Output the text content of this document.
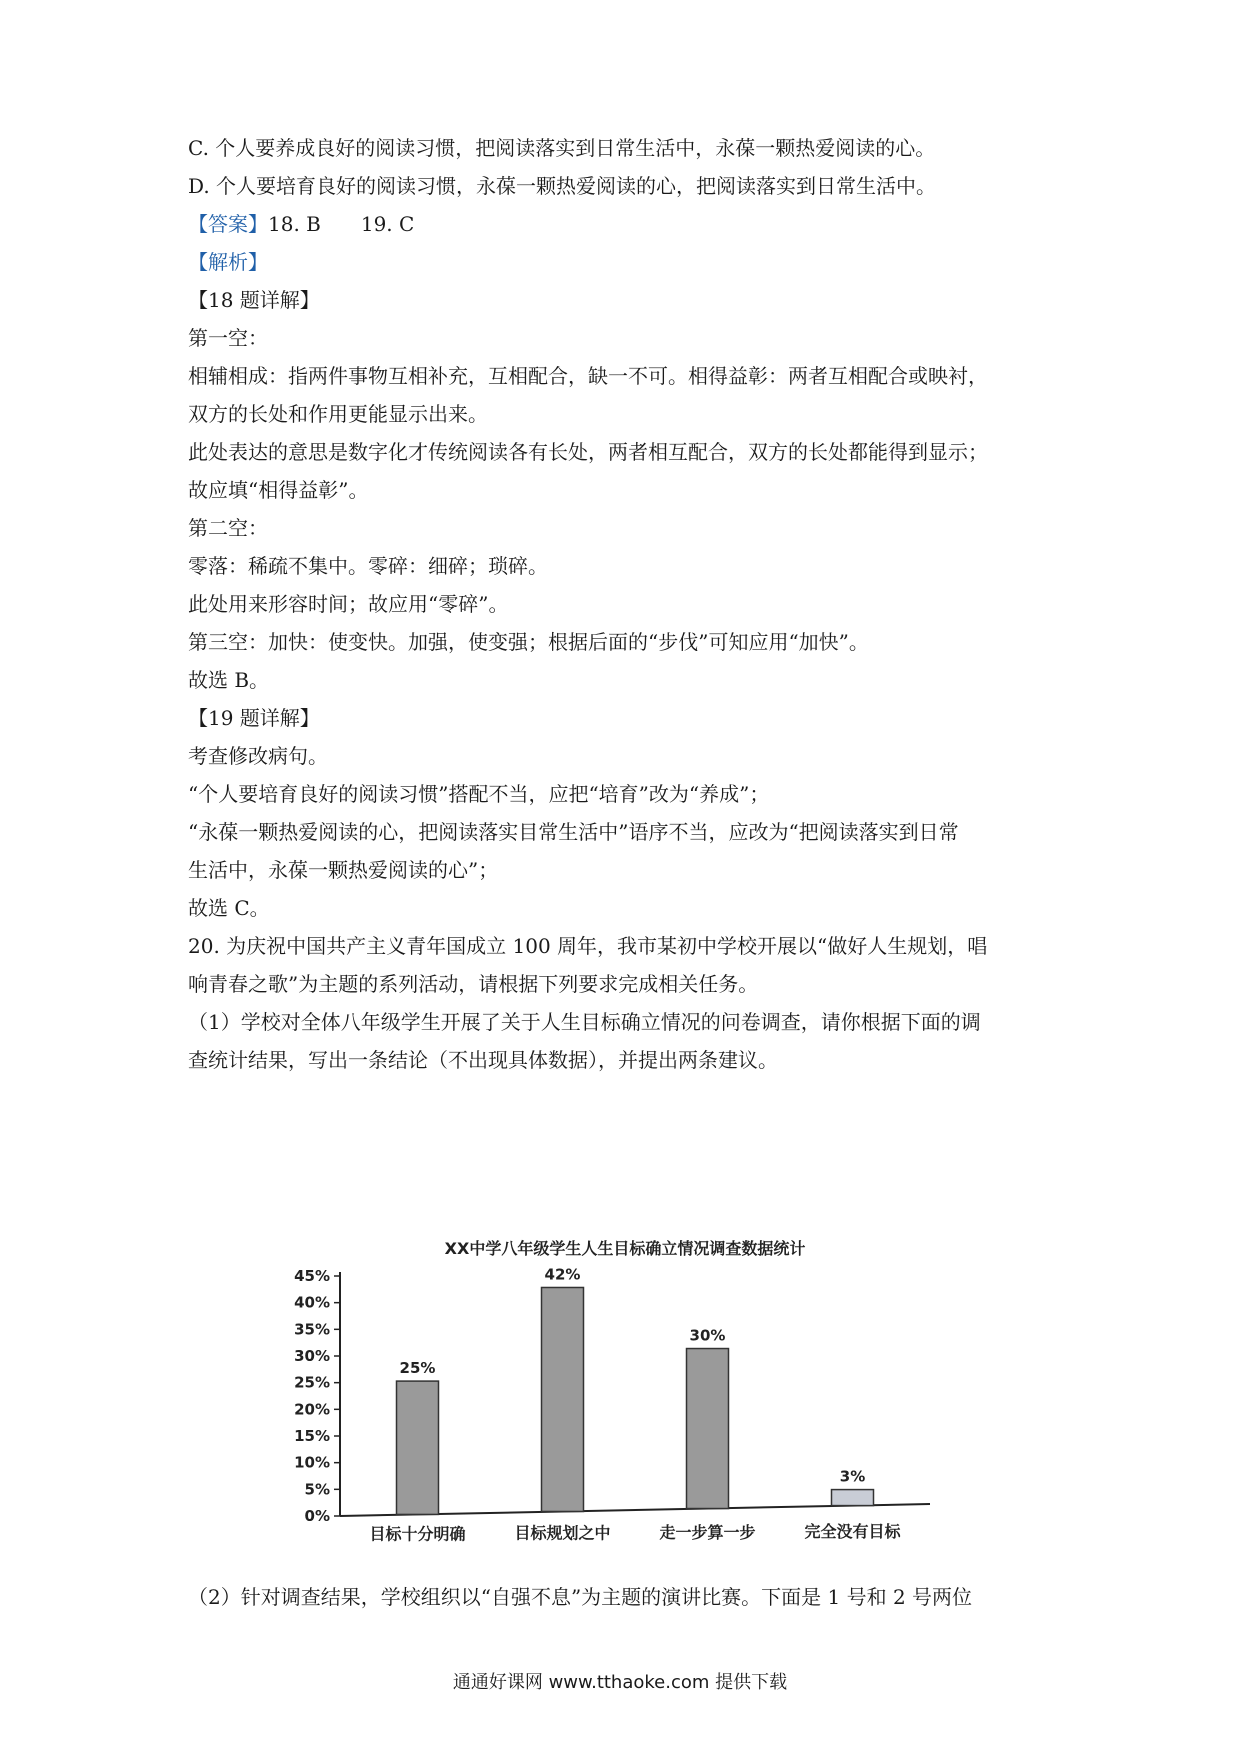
C. 个人要养成良好的阅读习惯，把阅读落实到日常生活中，永葆一颗热爱阅读的心。
D. 个人要培育良好的阅读习惯，永葆一颗热爱阅读的心，把阅读落实到日常生活中。
【答案】18. B　　19. C
【解析】
【18 题详解】
第一空：
相辅相成：指两件事物互相补充，互相配合，缺一不可。相得益彰：两者互相配合或映衬，
双方的长处和作用更能显示出来。
此处表达的意思是数字化才传统阅读各有长处，两者相互配合，双方的长处都能得到显示；
故应填“相得益彰”。
第二空：
零落：稀疏不集中。零碎：细碎；琐碎。
此处用来形容时间；故应用“零碎”。
第三空：加快：使变快。加强，使变强；根据后面的“步伐”可知应用“加快”。
故选 B。
【19 题详解】
考查修改病句。
“个人要培育良好的阅读习惯”搭配不当，应把“培育”改为“养成”；
“永葆一颗热爱阅读的心，把阅读落实目常生活中”语序不当，应改为“把阅读落实到日常
生活中，永葆一颗热爱阅读的心”；
故选 C。
20. 为庆祝中国共产主义青年国成立 100 周年，我市某初中学校开展以“做好人生规划，唱
响青春之歌”为主题的系列活动，请根据下列要求完成相关任务。
（1）学校对全体八年级学生开展了关于人生目标确立情况的问卷调查，请你根据下面的调
查统计结果，写出一条结论（不出现具体数据），并提出两条建议。
XX中学八年级学生人生目标确立情况调查数据统计
0%
5%
10%
15%
20%
25%
30%
35%
40%
45%
25%
目标十分明确
42%
目标规划之中
30%
走一步算一步
3%
完全没有目标
（2）针对调查结果，学校组织以“自强不息”为主题的演讲比赛。下面是 1 号和 2 号两位
通通好课网 www.tthaoke.com 提供下载
